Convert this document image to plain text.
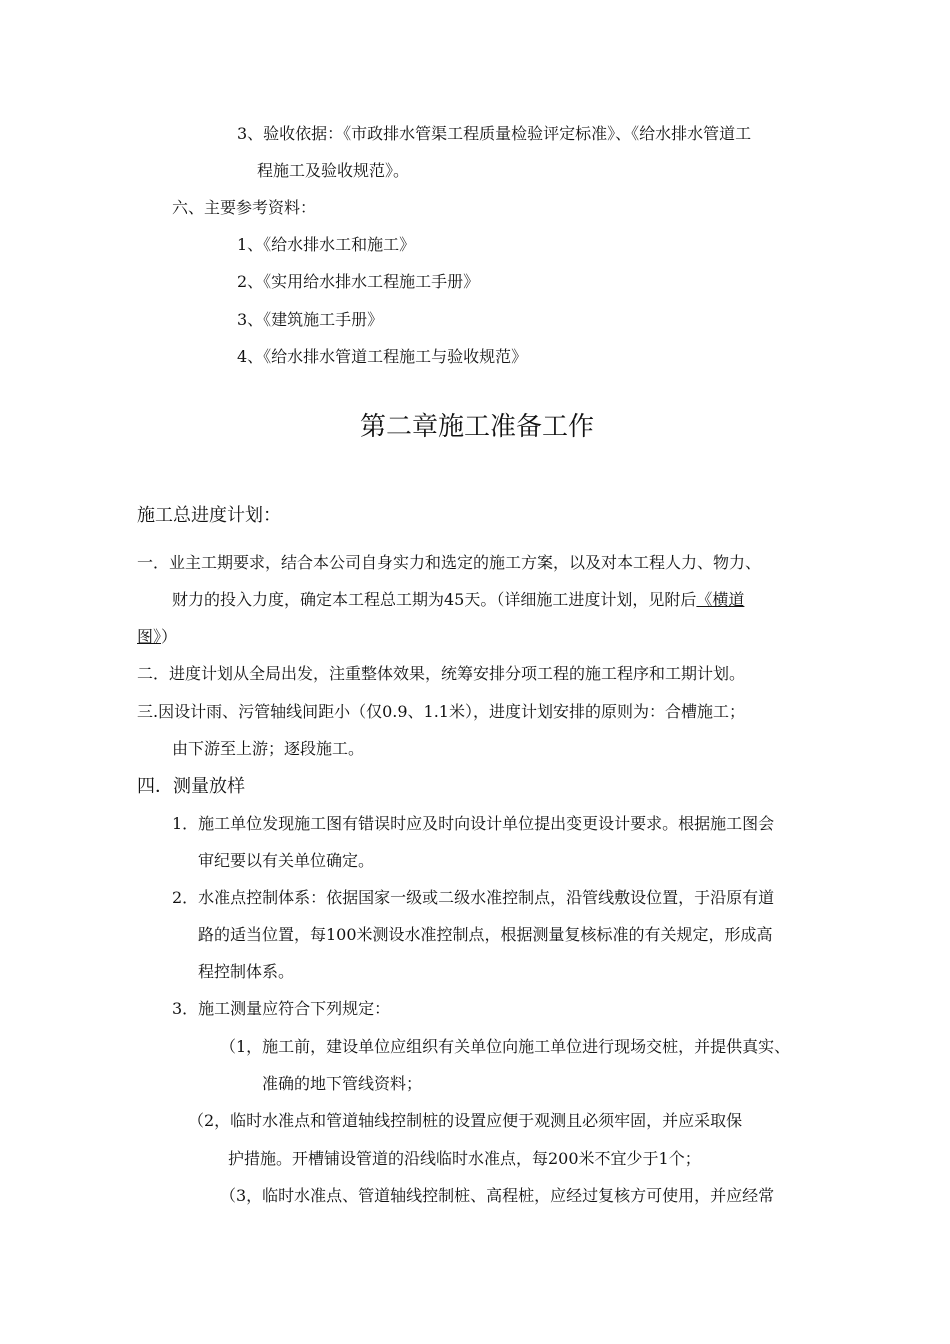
3、验收依据：《市政排水管渠工程质量检验评定标准》、《给水排水管道工
程施工及验收规范》。
六、主要参考资料：
1、《给水排水工和施工》
2、《实用给水排水工程施工手册》
3、《建筑施工手册》
4、《给水排水管道工程施工与验收规范》
第二章施工准备工作
施工总进度计划：
一．业主工期要求，结合本公司自身实力和选定的施工方案，以及对本工程人力、物力、
财力的投入力度，确定本工程总工期为45天。（详细施工进度计划，见附后《横道
图》）
二．进度计划从全局出发，注重整体效果，统筹安排分项工程的施工程序和工期计划。
三.因设计雨、污管轴线间距小（仅0.9、1.1米），进度计划安排的原则为：合槽施工；
由下游至上游；逐段施工。
四．测量放样
1．施工单位发现施工图有错误时应及时向设计单位提出变更设计要求。根据施工图会
审纪要以有关单位确定。
2．水准点控制体系：依据国家一级或二级水准控制点，沿管线敷设位置，于沿原有道
路的适当位置，每100米测设水准控制点，根据测量复核标准的有关规定，形成高
程控制体系。
3．施工测量应符合下列规定：
（1，施工前，建设单位应组织有关单位向施工单位进行现场交桩，并提供真实、
准确的地下管线资料；
（2，临时水准点和管道轴线控制桩的设置应便于观测且必须牢固，并应采取保
护措施。开槽铺设管道的沿线临时水准点，每200米不宜少于1个；
（3，临时水准点、管道轴线控制桩、高程桩，应经过复核方可使用，并应经常
